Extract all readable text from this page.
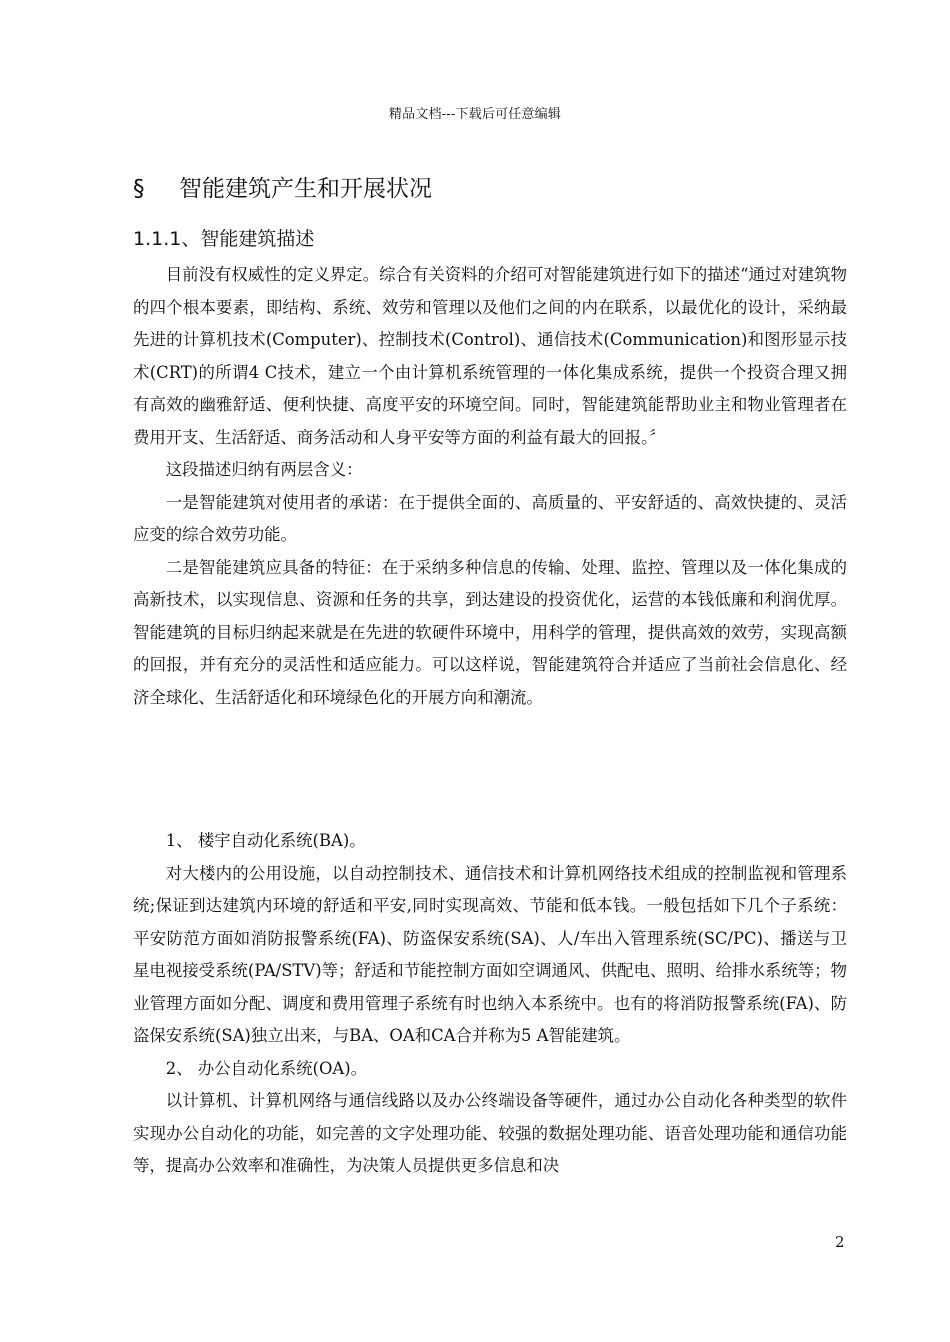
精品文档---下载后可任意编辑
§ 智能建筑产生和开展状况
1.1.1、智能建筑描述

目前没有权威性的定义界定。综合有关资料的介绍可对智能建筑进行如下的描述“通过对建筑物的四个根本要素，即结构、系统、效劳和管理以及他们之间的内在联系，以最优化的设计，采纳最先进的计算机技术(Computer)、控制技术(Control)、通信技术(Communication)和图形显示技术(CRT)的所谓4 C技术，建立一个由计算机系统管理的一体化集成系统，提供一个投资合理又拥有高效的幽雅舒适、便利快捷、高度平安的环境空间。同时，智能建筑能帮助业主和物业管理者在费用开支、生活舒适、商务活动和人身平安等方面的利益有最大的回报。〞

这段描述归纳有两层含义：

一是智能建筑对使用者的承诺：在于提供全面的、高质量的、平安舒适的、高效快捷的、灵活应变的综合效劳功能。

二是智能建筑应具备的特征：在于采纳多种信息的传输、处理、监控、管理以及一体化集成的高新技术，以实现信息、资源和任务的共享，到达建设的投资优化，运营的本钱低廉和利润优厚。智能建筑的目标归纳起来就是在先进的软硬件环境中，用科学的管理，提供高效的效劳，实现高额的回报，并有充分的灵活性和适应能力。可以这样说，智能建筑符合并适应了当前社会信息化、经济全球化、生活舒适化和环境绿色化的开展方向和潮流。

1、 楼宇自动化系统(BA)。

对大楼内的公用设施，以自动控制技术、通信技术和计算机网络技术组成的控制监视和管理系统;保证到达建筑内环境的舒适和平安,同时实现高效、节能和低本钱。一般包括如下几个子系统：平安防范方面如消防报警系统(FA)、防盗保安系统(SA)、人/车出入管理系统(SC/PC)、播送与卫星电视接受系统(PA/STV)等；舒适和节能控制方面如空调通风、供配电、照明、给排水系统等；物业管理方面如分配、调度和费用管理子系统有时也纳入本系统中。也有的将消防报警系统(FA)、防盗保安系统(SA)独立出来，与BA、OA和CA合并称为5 A智能建筑。

2、 办公自动化系统(OA)。

以计算机、计算机网络与通信线路以及办公终端设备等硬件，通过办公自动化各种类型的软件实现办公自动化的功能，如完善的文字处理功能、较强的数据处理功能、语音处理功能和通信功能等，提高办公效率和准确性，为决策人员提供更多信息和决

2
